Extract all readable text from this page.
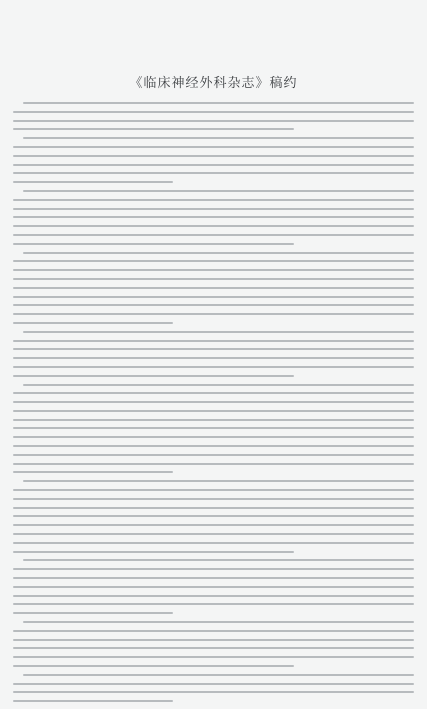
《临床神经外科杂志》稿约
